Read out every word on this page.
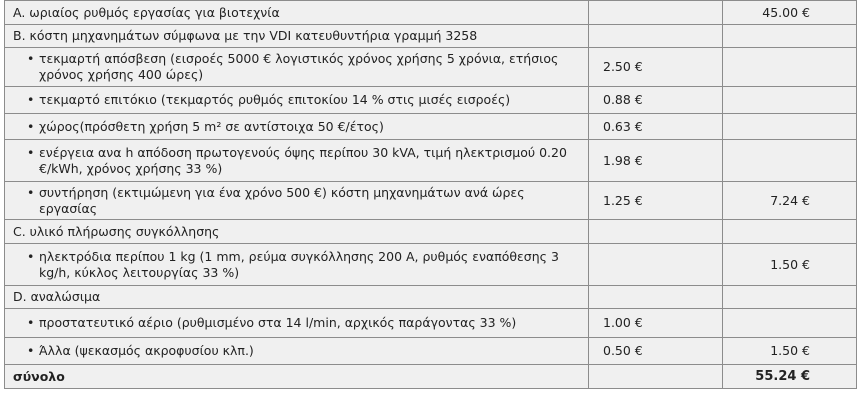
A. ωριαίος ρυθμός εργασίας για βιοτεχνία		45.00 €
B. κόστη μηχανημάτων σύμφωνα με την VDI κατευθυντήρια γραμμή 3258		
• τεκμαρτή απόσβεση (εισροές 5000 € λογιστικός χρόνος χρήσης 5 χρόνια, ετήσιος χρόνος χρήσης 400 ώρες)	2.50 €	
• τεκμαρτό επιτόκιο (τεκμαρτός ρυθμός επιτοκίου 14 % στις μισές εισροές)	0.88 €	
• χώρος(πρόσθετη χρήση 5 m² σε αντίστοιχα 50 €/έτος)	0.63 €	
• ενέργεια ανα h απόδοση πρωτογενούς όψης περίπου 30 kVA, τιμή ηλεκτρισμού 0.20 €/kWh, χρόνος χρήσης 33 %)	1.98 €	
• συντήρηση (εκτιμώμενη για ένα χρόνο 500 €) κόστη μηχανημάτων ανά ώρες εργασίας	1.25 €	7.24 €
C. υλικό πλήρωσης συγκόλλησης		
• ηλεκτρόδια περίπου 1 kg (1 mm, ρεύμα συγκόλλησης 200 A, ρυθμός εναπόθεσης 3 kg/h, κύκλος λειτουργίας 33 %)		1.50 €
D. αναλώσιμα		
• προστατευτικό αέριο (ρυθμισμένο στα 14 l/min, αρχικός παράγοντας 33 %)	1.00 €	
• Άλλα (ψεκασμός ακροφυσίου κλπ.)	0.50 €	1.50 €
σύνολο		55.24 €
